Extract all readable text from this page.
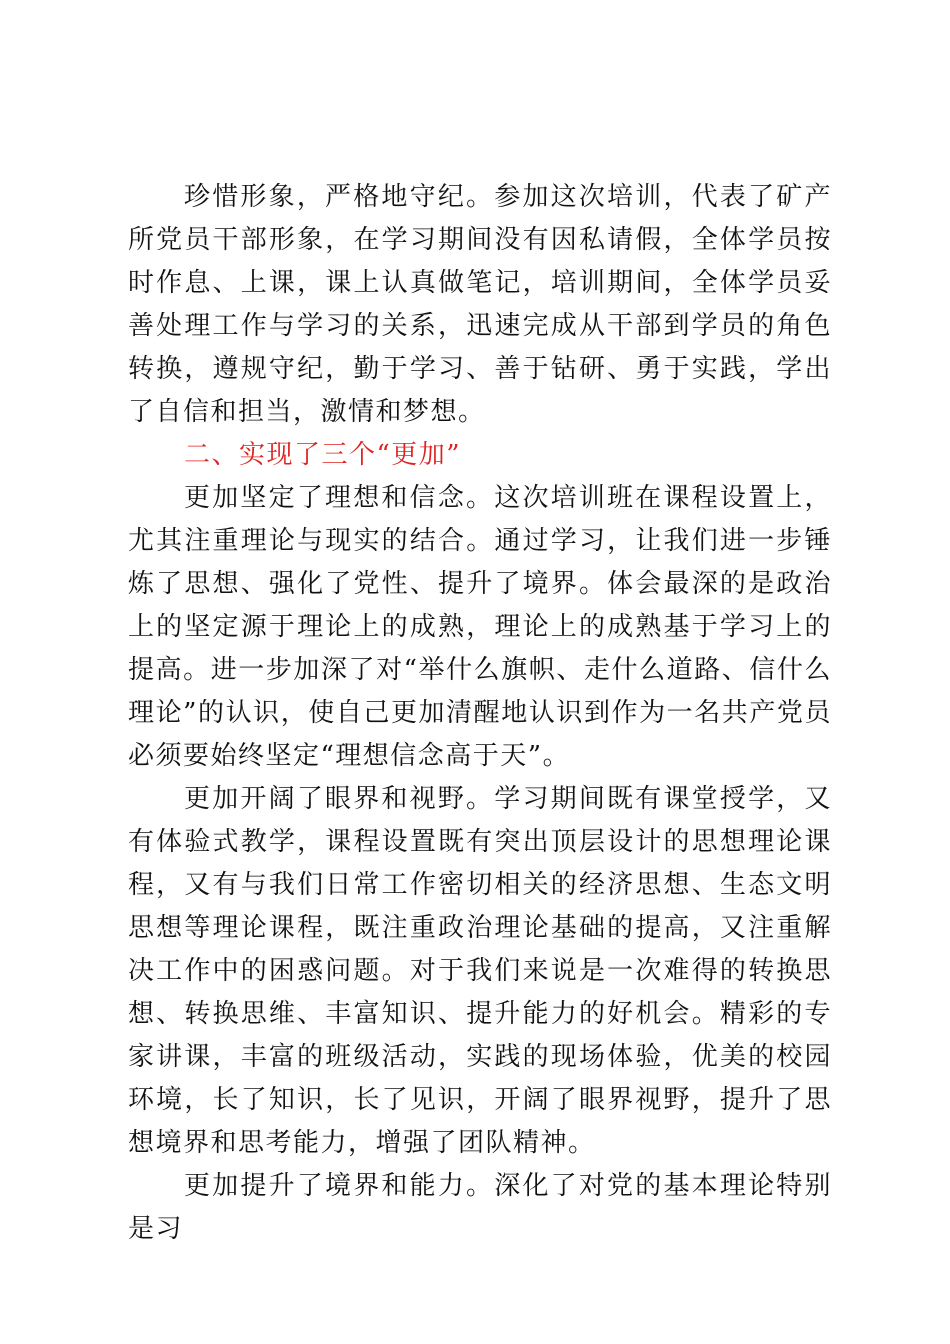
珍惜形象，严格地守纪。参加这次培训，代表了矿产所党员干部形象，在学习期间没有因私请假，全体学员按时作息、上课，课上认真做笔记，培训期间，全体学员妥善处理工作与学习的关系，迅速完成从干部到学员的角色转换，遵规守纪，勤于学习、善于钻研、勇于实践，学出了自信和担当，激情和梦想。

二、实现了三个“更加”

更加坚定了理想和信念。这次培训班在课程设置上，尤其注重理论与现实的结合。通过学习，让我们进一步锤炼了思想、强化了党性、提升了境界。体会最深的是政治上的坚定源于理论上的成熟，理论上的成熟基于学习上的提高。进一步加深了对“举什么旗帜、走什么道路、信什么理论”的认识，使自己更加清醒地认识到作为一名共产党员必须要始终坚定“理想信念高于天”。

更加开阔了眼界和视野。学习期间既有课堂授学，又有体验式教学，课程设置既有突出顶层设计的思想理论课程，又有与我们日常工作密切相关的经济思想、生态文明思想等理论课程，既注重政治理论基础的提高，又注重解决工作中的困惑问题。对于我们来说是一次难得的转换思想、转换思维、丰富知识、提升能力的好机会。精彩的专家讲课，丰富的班级活动，实践的现场体验，优美的校园环境，长了知识，长了见识，开阔了眼界视野，提升了思想境界和思考能力，增强了团队精神。

更加提升了境界和能力。深化了对党的基本理论特别是习
